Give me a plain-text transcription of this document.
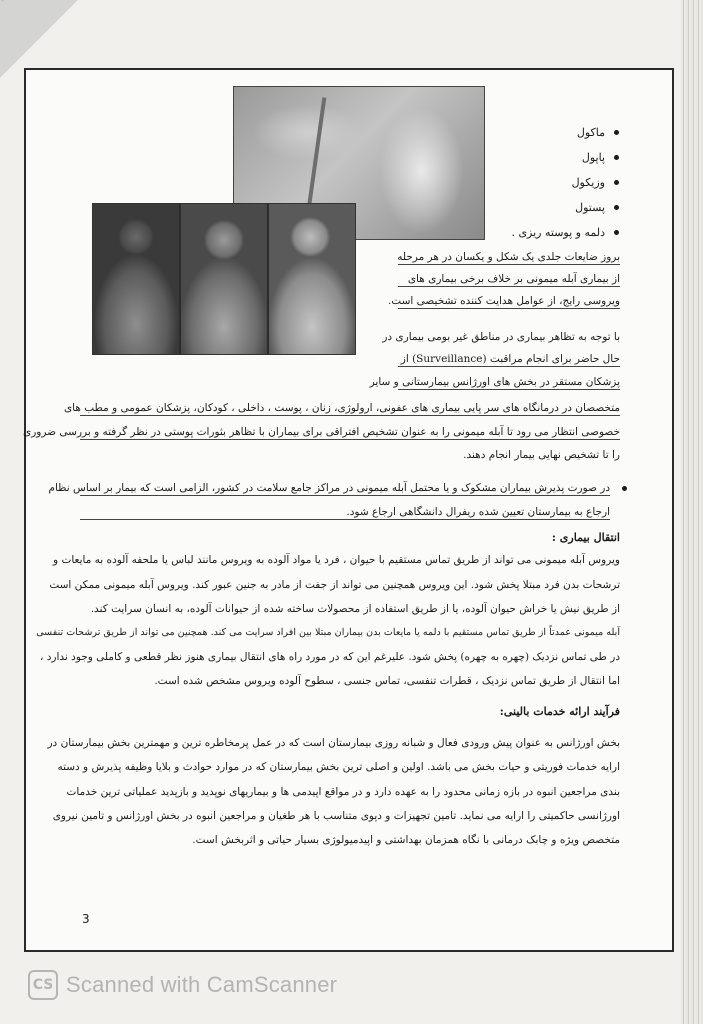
ماکول
پاپول
وزیکول
پستول
دلمه و پوسته ریزی .
بروز ضایعات جلدی یک شکل و یکسان در هر مرحله
از بیماری آبله میمونی بر خلاف برخی بیماری های
ویروسی رایج، از عوامل هدایت کننده تشخیصی است.
با توجه به تظاهر بیماری در مناطق غیر بومی بیماری در
حال حاضر برای انجام مراقبت (Surveillance) از
پزشکان مستقر در بخش های اورژانس بیمارستانی و سایر
متخصصان در درمانگاه های سر پایی بیماری های عفونی، ارولوژی، زنان ، پوست ، داخلی ، کودکان، پزشکان عمومی و مطب های
خصوصی انتظار می رود تا آبله میمونی را به عنوان تشخیص افتراقی برای بیماران با تظاهر بثورات پوستی در نظر گرفته و بررسی ضروری
را تا تشخیص نهایی بیمار انجام دهند.
در صورت پذیرش بیماران مشکوک و یا محتمل آبله میمونی در مراکز جامع سلامت در کشور، الزامی است که بیمار بر اساس نظام
ارجاع به بیمارستان تعیین شده ریفرال دانشگاهی ارجاع شود.
انتقال بیماری :
ویروس آبله میمونی می تواند از طریق تماس مستقیم با حیوان ، فرد یا مواد آلوده به ویروس مانند لباس یا ملحفه آلوده به مایعات و
ترشحات بدن فرد مبتلا پخش شود. این ویروس همچنین می تواند از جفت از مادر به جنین عبور کند. ویروس آبله میمونی ممکن است
از طریق نیش یا خراش حیوان آلوده، یا از طریق استفاده از محصولات ساخته شده از حیوانات آلوده، به انسان سرایت کند.
آبله میمونی عمدتاً از طریق تماس مستقیم با دلمه یا مایعات بدن بیماران مبتلا بین افراد سرایت می کند. همچنین می تواند از طریق ترشحات تنفسی
در طی تماس نزدیک (چهره به چهره) پخش شود. علیرغم این که در مورد راه های انتقال بیماری هنوز نظر قطعی و کاملی وجود ندارد ،
اما انتقال از طریق تماس نزدیک ، قطرات تنفسی، تماس جنسی ، سطوح آلوده ویروس مشخص شده است.
فرآیند ارائه خدمات بالینی:
بخش اورژانس به عنوان پیش ورودی فعال و شبانه روزی بیمارستان است که در عمل پرمخاطره ترین و مهمترین بخش بیمارستان در
ارایه خدمات فوریتی و حیات بخش می باشد. اولین و اصلی ترین بخش بیمارستان که در موارد حوادث و بلایا وظیفه پذیرش و دسته
بندی مراجعین انبوه در بازه زمانی محدود را به عهده دارد و در مواقع اپیدمی ها و بیماریهای نوپدید و بازپدید عملیاتی ترین خدمات
اورژانسی حاکمیتی را ارایه می نماید. تامین تجهیزات و دپوی متناسب با هر طغیان و مراجعین انبوه در بخش اورژانس و تامین نیروی
متخصص ویژه و چابک درمانی با نگاه همزمان بهداشتی و اپیدمیولوژی بسیار حیاتی و اثربخش است.
3
CS Scanned with CamScanner
